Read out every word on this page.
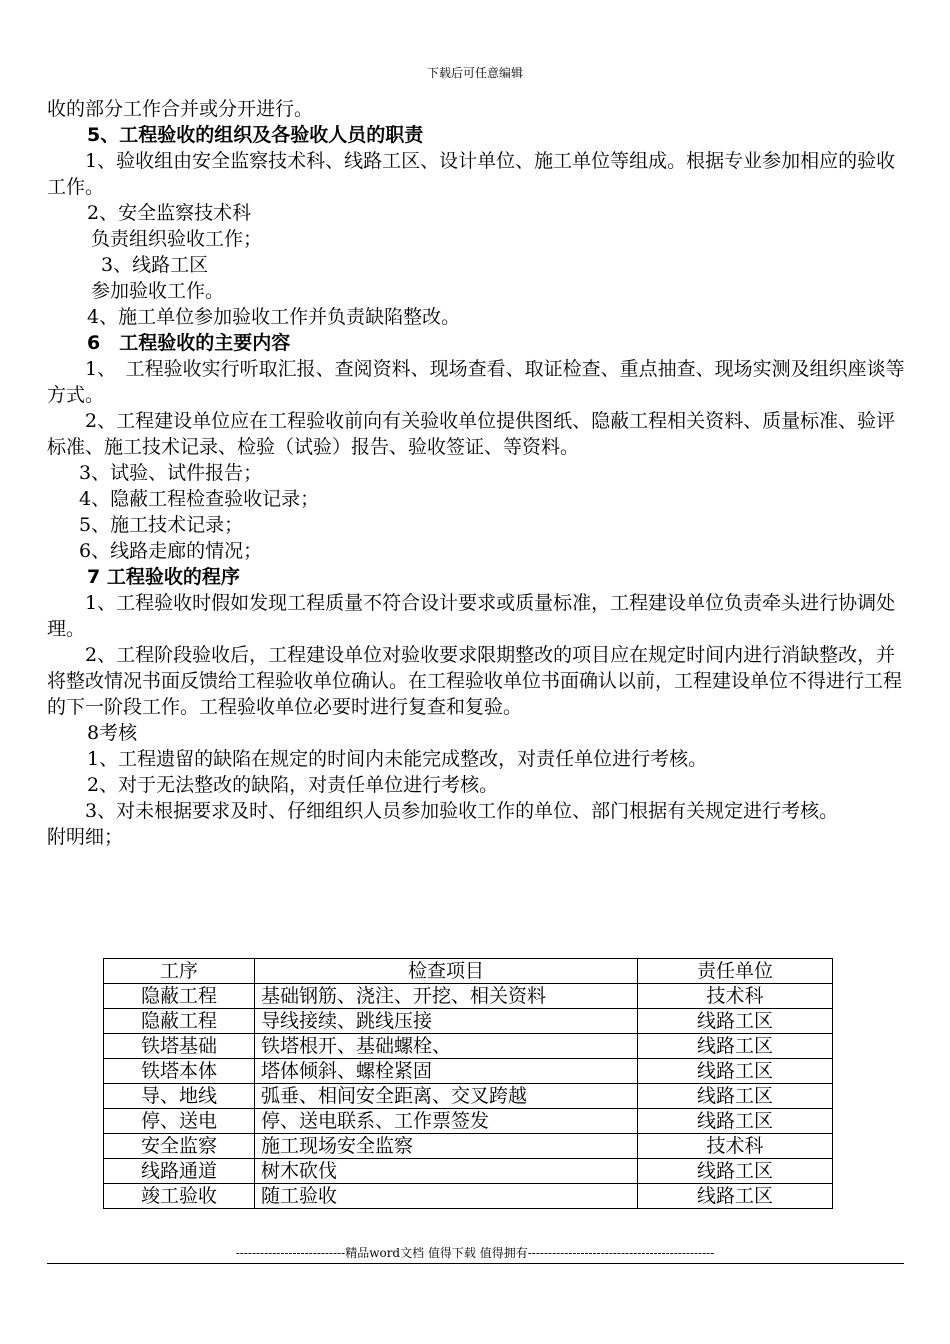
下载后可任意编辑

收的部分工作合并或分开进行。

5、工程验收的组织及各验收人员的职责

1、验收组由安全监察技术科、线路工区、设计单位、施工单位等组成。根据专业参加相应的验收工作。

2、安全监察技术科

负责组织验收工作；

3、线路工区

参加验收工作。

4、施工单位参加验收工作并负责缺陷整改。

6　工程验收的主要内容

1、　工程验收实行听取汇报、查阅资料、现场查看、取证检查、重点抽查、现场实测及组织座谈等方式。

2、工程建设单位应在工程验收前向有关验收单位提供图纸、隐蔽工程相关资料、质量标准、验评标准、施工技术记录、检验（试验）报告、验收签证、等资料。

3、试验、试件报告；

4、隐蔽工程检查验收记录；

5、施工技术记录；

6、线路走廊的情况；

7 工程验收的程序

1、工程验收时假如发现工程质量不符合设计要求或质量标准，工程建设单位负责牵头进行协调处理。

2、工程阶段验收后，工程建设单位对验收要求限期整改的项目应在规定时间内进行消缺整改，并将整改情况书面反馈给工程验收单位确认。在工程验收单位书面确认以前，工程建设单位不得进行工程的下一阶段工作。工程验收单位必要时进行复查和复验。

8考核

1、工程遗留的缺陷在规定的时间内未能完成整改，对责任单位进行考核。

2、对于无法整改的缺陷，对责任单位进行考核。

3、对未根据要求及时、仔细组织人员参加验收工作的单位、部门根据有关规定进行考核。

附明细；

工序	检查项目	责任单位
隐蔽工程	基础钢筋、浇注、开挖、相关资料	技术科
隐蔽工程	导线接续、跳线压接	线路工区
铁塔基础	铁塔根开、基础螺栓、	线路工区
铁塔本体	塔体倾斜、螺栓紧固	线路工区
导、地线	弧垂、相间安全距离、交叉跨越	线路工区
停、送电	停、送电联系、工作票签发	线路工区
安全监察	施工现场安全监察	技术科
线路通道	树木砍伐	线路工区
竣工验收	随工验收	线路工区
---------------------------精品word文档 值得下载 值得拥有----------------------------------------------
